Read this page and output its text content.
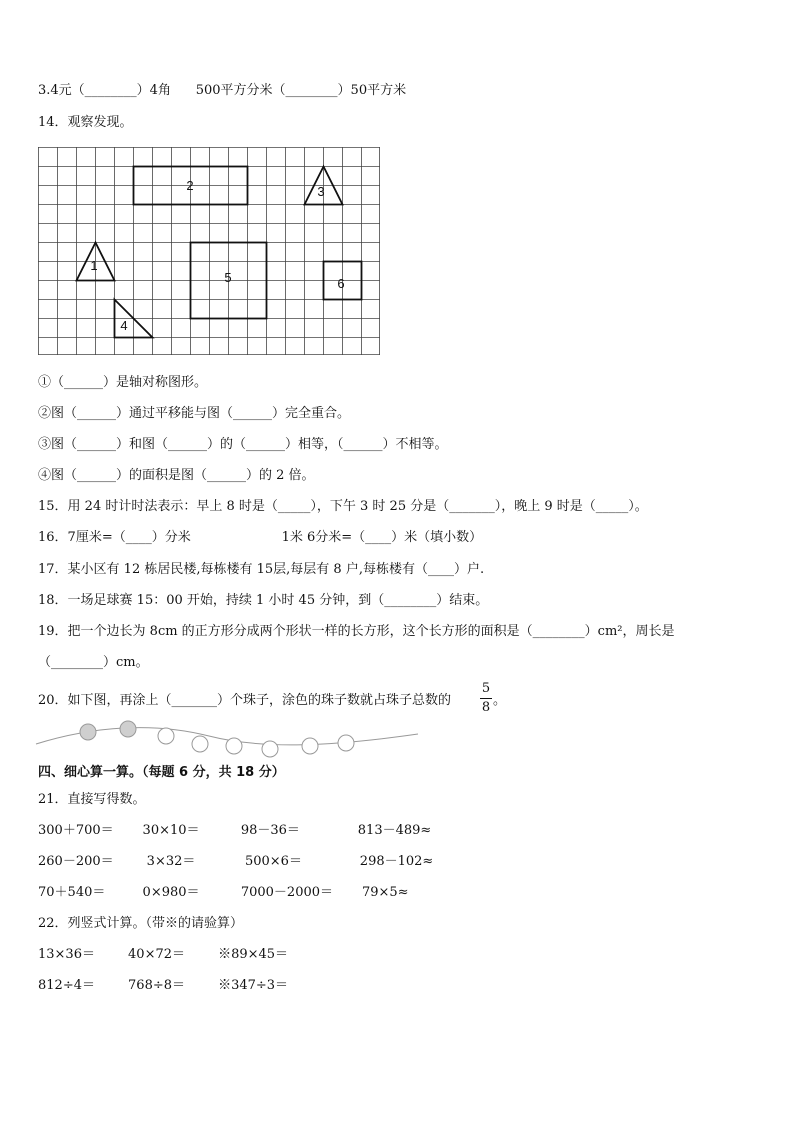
3.4元（________）4角      500平方分米（________）50平方米
14．观察发现。
2	3
1
4
5	6
①（______）是轴对称图形。
②图（______）通过平移能与图（______）完全重合。
③图（______）和图（______）的（______）相等，（______）不相等。
④图（______）的面积是图（______）的 2 倍。
15．用 24 时计时法表示：早上 8 时是（_____），下午 3 时 25 分是（_______），晚上 9 时是（_____）。
16．7厘米=（____）分米                      1米 6分米=（____）米（填小数）
17．某小区有 12 栋居民楼,每栋楼有 15层,每层有 8 户,每栋楼有（____）户.
18．一场足球赛 15：00 开始，持续 1 小时 45 分钟，到（________）结束。
19．把一个边长为 8cm 的正方形分成两个形状一样的长方形，这个长方形的面积是（________）cm²，周长是
（________）cm。
20．如下图，再涂上（_______）个珠子，涂色的珠子数就占珠子总数的
5
8 。
四、细心算一算。（每题 6 分，共 18 分）
21．直接写得数。
300＋700＝       30×10＝          98－36＝              813－489≈
260－200＝        3×32＝            500×6＝              298－102≈
70＋540＝         0×980＝          7000－2000＝       79×5≈
22．列竖式计算。（带※的请验算）
13×36＝        40×72＝        ※89×45＝
812÷4＝        768÷8＝        ※347÷3＝
